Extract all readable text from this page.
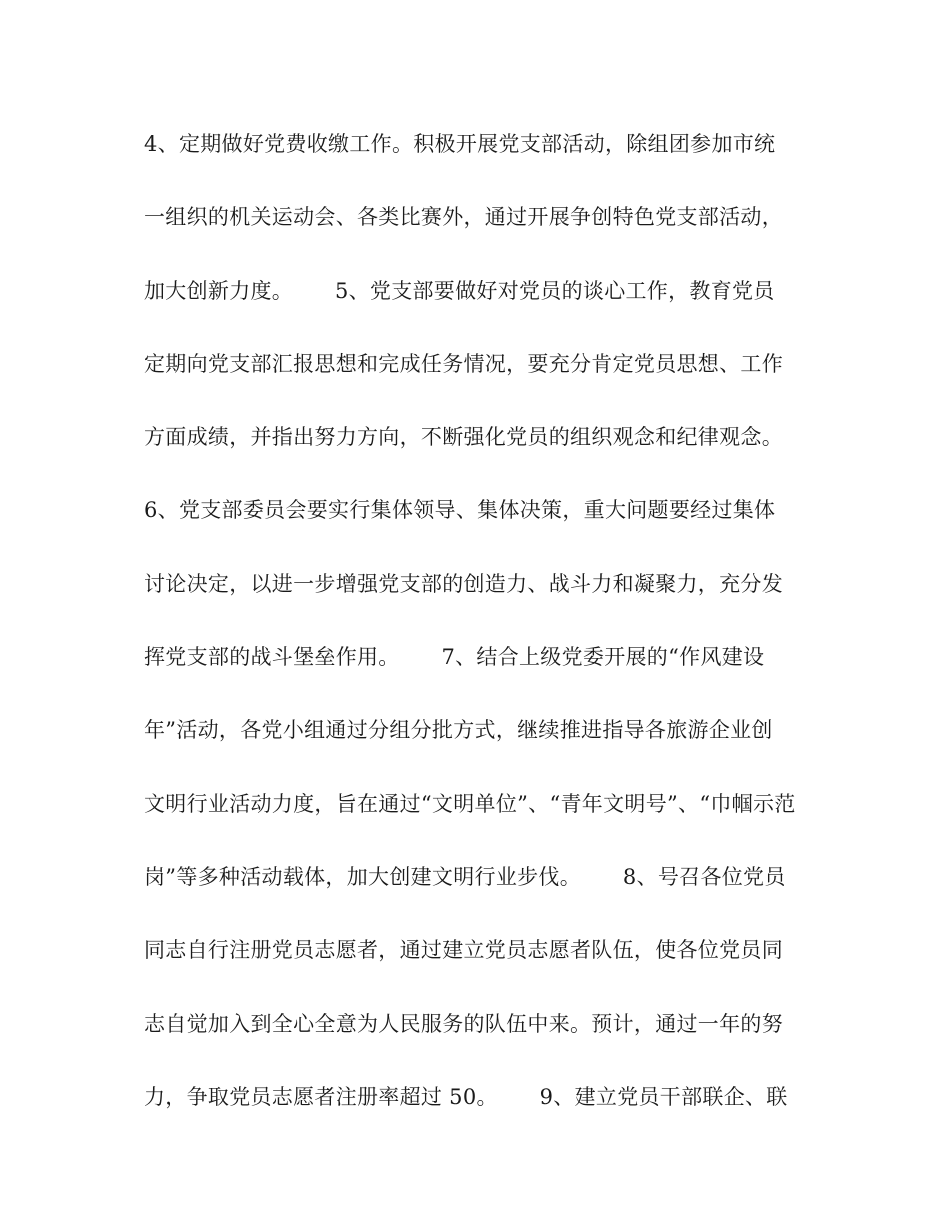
4、定期做好党费收缴工作。积极开展党支部活动，除组团参加市统
一组织的机关运动会、各类比赛外，通过开展争创特色党支部活动，
加大创新力度。      5、党支部要做好对党员的谈心工作，教育党员
定期向党支部汇报思想和完成任务情况，要充分肯定党员思想、工作
方面成绩，并指出努力方向，不断强化党员的组织观念和纪律观念。
6、党支部委员会要实行集体领导、集体决策，重大问题要经过集体
讨论决定，以进一步增强党支部的创造力、战斗力和凝聚力，充分发
挥党支部的战斗堡垒作用。      7、结合上级党委开展的“作风建设
年”活动，各党小组通过分组分批方式，继续推进指导各旅游企业创
文明行业活动力度，旨在通过“文明单位”、“青年文明号”、“巾帼示范
岗”等多种活动载体，加大创建文明行业步伐。      8、号召各位党员
同志自行注册党员志愿者，通过建立党员志愿者队伍，使各位党员同
志自觉加入到全心全意为人民服务的队伍中来。预计，通过一年的努
力，争取党员志愿者注册率超过 50。      9、建立党员干部联企、联
